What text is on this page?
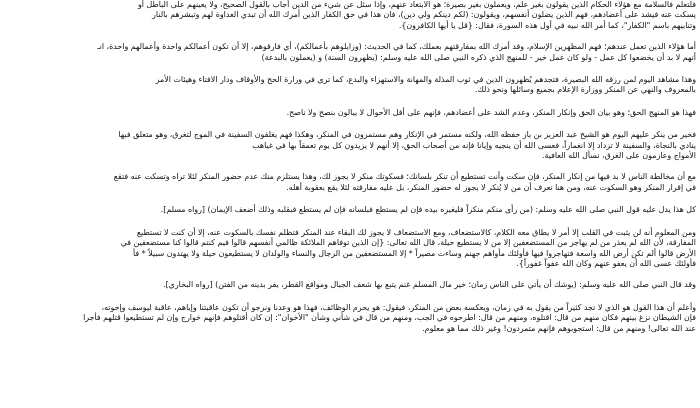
فلتعلم فالسلامة مع هؤلاء الحكام الذين يقولون بغير علم، ويعملون بغير بصيرة؛ هو الابتعاد عنهم، وإذا سئل عن شيء من الدين أجاب بالقول الصحيح، ولا يعينهم على الباطل أو
يسكت عنه فيشد على أعضادهم، فهم الذين يضلون أنفسهم، ويقولون: (لكم دينكم ولي دين)، فان هذا في حق الكفار الذين أمرك الله أن تبدي العداوة لهم وتبشرهم بالنار
وتنابيهم باسم "الكفار"، كما أمر الله نبيه في أول هذه السورة، فقال: {قل يا أيها الكافرون}.
أما هؤلاء الذين تعمل عندهم؛ فهم المظهرين الإسلام، وقد أمرك الله بمفارقتهم بعملك، كما في الحديث: (وزايلوهم بأعمالكم)، أي فارقوهم، إلا أن تكون أعمالكم واحدة وأعمالهم واحدة، انـ
أنهم لا بد أن يخضعوا كل عمل - ولو كان عمل خير - للمنهج الذي ذكره النبي صلى الله عليه وسلم: (يظهرون السنة) و (يعملون بالبدعة)
وهذا مشاهد اليوم لمن رزقه الله البصيرة، فتجدهم يُظهرون الدين في ثوب المذلة والمهانة والاستهزاء والبدع، كما ترى في وزارة الحج والأوقاف ودار الافتاء وهيئات الأمر
بالمعروف والنهي عن المنكر ووزارة الإعلام بجميع وسائلها ونحو ذلك.
فهذا هو المنهج الحق؛ وهو بيان الحق وإنكار المنكر، وعدم الشد على أعضادهم، فإنهم على أقل الأحوال لا يبالون بنصح ولا ناصح.
فخير من ينكر عليهم اليوم هو الشيخ عبد العزيز بن باز حفظه الله، ولكنه مستمر في الإنكار وهم مستمرون في المنكر، وهكذا فهم يغلقون السفينة في الموج لتغرق، وهو متعلق فيها
ينادي بالنجاة، والسفينة لا تزداد إلا انغماراً، فعسى الله أن ينجيه وإيانا فإنه من أصحاب الحق، إلا أنهم لا يزيدون كل يوم تعمقاً بها في غياهب
الأمواج وعازمون على الغرق، نسأل الله العافية.
مع أن مخالطة الناس لا بد فيها من إنكار المنكر، فإن سكت وأنت تستطيع أن تنكر بلسانك؛ فسكوتك منكر لا يجوز لك، وهذا يستلزم منك عدم حضور المنكر لئلا تراه وتسكت عنه فتقع
في إقرار المنكر وهو السكوت عنه، ومن هنا تعرف أن من لا يُنكر لا يجوز له حضور المنكر، بل عليه مفارقته لئلا يقع بعقوبة أهله.
كل هذا يدل عليه قول النبي صلى الله عليه وسلم: (من رأى منكم منكراً فليغيره بيده فإن لم يستطع فبلسانه فإن لم يستطع فبقلبه وذلك أضعف الإيمان) [رواه مسلم].
ومن المعلوم أنه لن يثبت في القلب إلا أمر لا يطاق معه الكلام، كالاستضعاف، ومع الاستضعاف لا يجوز لك البقاء عند المنكر فتظلم نفسك بالسكوت عنه، إلا أن كنت لا تستطيع
المفارقة، لأن الله لم يعذر من لم يهاجر من المستضعفين إلا من لا يستطيع حيلة، قال الله تعالى: {إن الذين توفاهم الملائكة ظالمي أنفسهم قالوا فيم كنتم قالوا كنا مستضعفين في
الأرض قالوا ألم تكن أرض الله واسعة فتهاجروا فيها فأولئك مأواهم جهنم وساءت مصيراً * إلا المستضعفين من الرجال والنساء والولدان لا يستطيعون حيلة ولا يهتدون سبيلاً * فأ
فأولئك عسى الله أن يعفو عنهم وكان الله عفواً غفوراً}.
وقد قال النبي صلى الله عليه وسلم: (يوشك أن يأتي على الناس زمان؛ خير مال المسلم غنم يتبع بها شعف الجبال ومواقع القطر، يفر بدينه من الفتن) [رواه البخاري].
وأعلم أن هذا القول هو الذي لا تجد كثيراً من يقول به في زمان، ويعكسه بعض من المنكر، فيقول: هو يحرم الوظائف، فهذا هو وعدنا ونرجو أن تكون عاقبتنا وإياهم، عاقبة ليوسف وإخوته،
فإن الشيطان نزغ بينهم فكان منهم من قال: اقتلوه، ومنهم من قال: اطرحوه في الجب، ومنهم من قال في شأني وشأن "الأخوان": إن كان أقتلوهم فإنهم خوارج وإن لم تستطيعوا قتلهم فأجرا
عند الله تعالى! ومنهم من قال: استجوبوهم فإنهم متمردون! وغير ذلك مما هو معلوم.
